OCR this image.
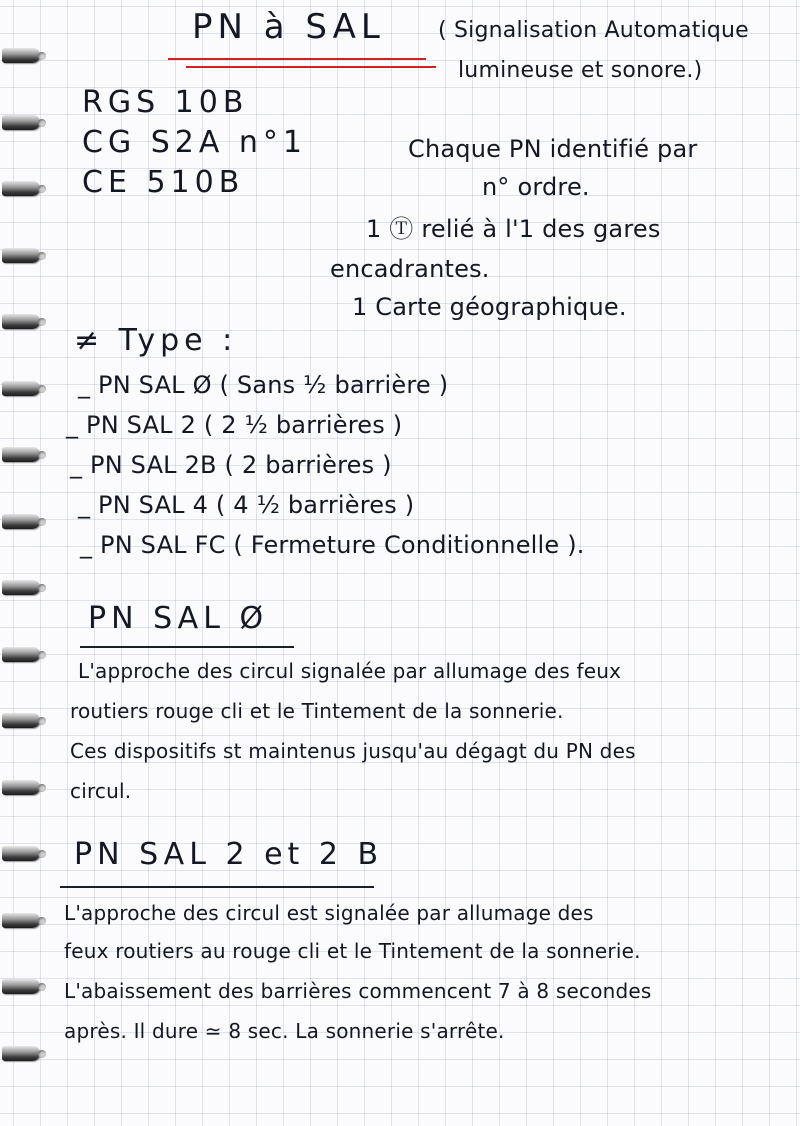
PN à SAL ( Signalisation Automatique
lumineuse et sonore.)
RGS 10B
CG S2A n°1
CE 510B
Chaque PN identifié par
n° ordre.
1 Ⓣ relié à l'1 des gares
encadrantes.
1 Carte géographique.
≠ Type :
_ PN SAL Ø ( Sans ½ barrière )
_ PN SAL 2 ( 2 ½ barrières )
_ PN SAL 2B ( 2 barrières )
_ PN SAL 4 ( 4 ½ barrières )
_ PN SAL FC ( Fermeture Conditionnelle ).
PN SAL Ø
L'approche des circul signalée par allumage des feux
routiers rouge cli et le Tintement de la sonnerie.
Ces dispositifs st maintenus jusqu'au dégagt du PN des
circul.
PN SAL 2 et 2 B
L'approche des circul est signalée par allumage des
feux routiers au rouge cli et le Tintement de la sonnerie.
L'abaissement des barrières commencent 7 à 8 secondes
après. Il dure ≃ 8 sec. La sonnerie s'arrête.
